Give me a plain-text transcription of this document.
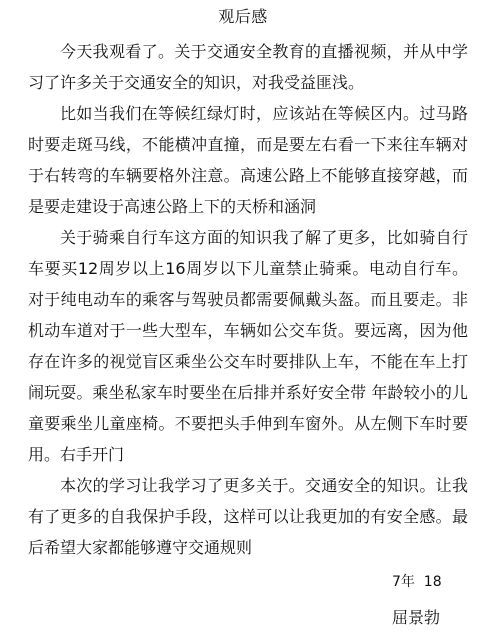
观后感

今天我观看了。关于交通安全教育的直播视频，并从中学习了许多关于交通安全的知识，对我受益匪浅。

比如当我们在等候红绿灯时，应该站在等候区内。过马路时要走斑马线，不能横冲直撞，而是要左右看一下来往车辆对于右转弯的车辆要格外注意。高速公路上不能够直接穿越，而是要走建设于高速公路上下的天桥和涵洞

关于骑乘自行车这方面的知识我了解了更多，比如骑自行车要买12周岁以上16周岁以下儿童禁止骑乘。电动自行车。对于纯电动车的乘客与驾驶员都需要佩戴头盔。而且要走。非机动车道对于一些大型车，车辆如公交车货。要远离，因为他存在许多的视觉盲区乘坐公交车时要排队上车，不能在车上打闹玩耍。乘坐私家车时要坐在后排并系好安全带 年龄较小的儿童要乘坐儿童座椅。不要把头手伸到车窗外。从左侧下车时要用。右手开门

本次的学习让我学习了更多关于。交通安全的知识。让我有了更多的自我保护手段，这样可以让我更加的有安全感。最后希望大家都能够遵守交通规则

7年  18
屈景勃
